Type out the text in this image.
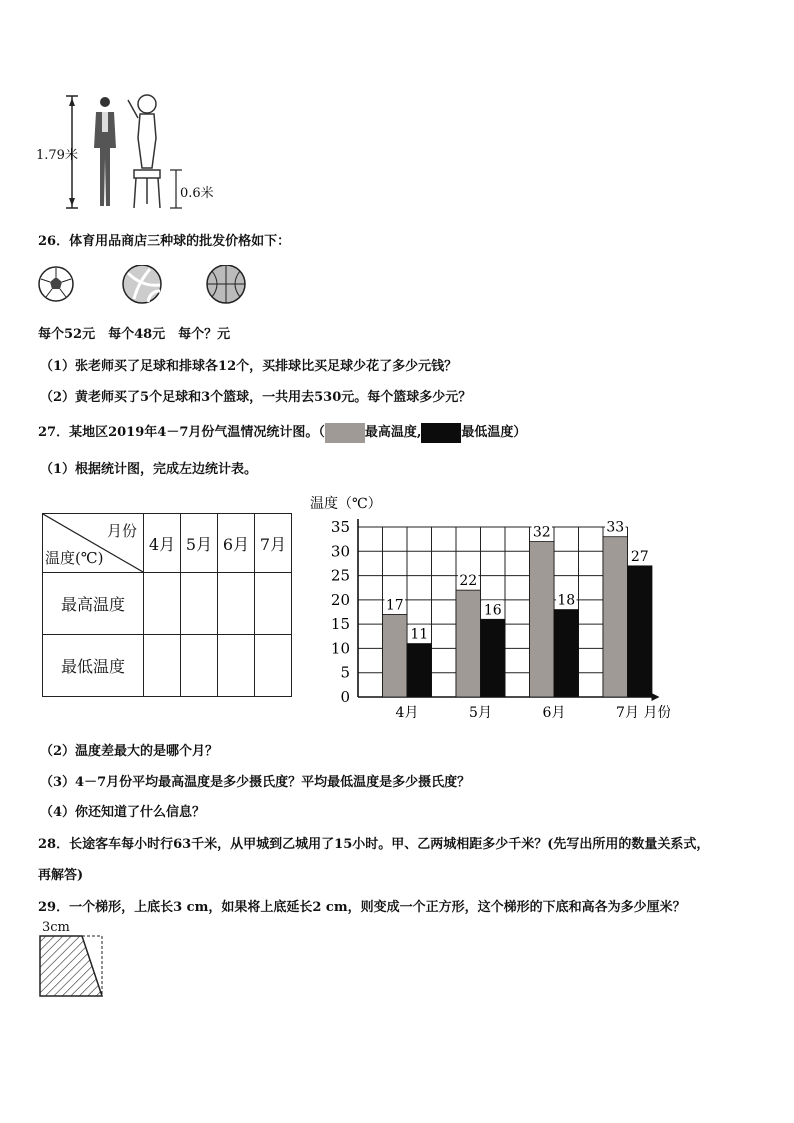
1.79米
0.6米
26．体育用品商店三种球的批发价格如下：
每个52元　每个48元　每个？元
（1）张老师买了足球和排球各12个，买排球比买足球少花了多少元钱？
（2）黄老师买了5个足球和3个篮球，一共用去530元。每个篮球多少元？
27．某地区2019年4－7月份气温情况统计图。（	最高温度,	最低温度）
（1）根据统计图，完成左边统计表。
月份
温度(℃)	4月	5月	6月	7月
最高温度				
最低温度				
0
5
10
15
20
25
30
35
温度（℃）
17
11
4月
22
16
5月
32
18
6月
33
27
7月 月份
（2）温度差最大的是哪个月？
（3）4－7月份平均最高温度是多少摄氏度？平均最低温度是多少摄氏度？
（4）你还知道了什么信息？
28．长途客车每小时行63千米，从甲城到乙城用了15小时。甲、乙两城相距多少千米？(先写出所用的数量关系式，
再解答)
29．一个梯形，上底长3 cm，如果将上底延长2 cm，则变成一个正方形，这个梯形的下底和高各为多少厘米？
3cm
